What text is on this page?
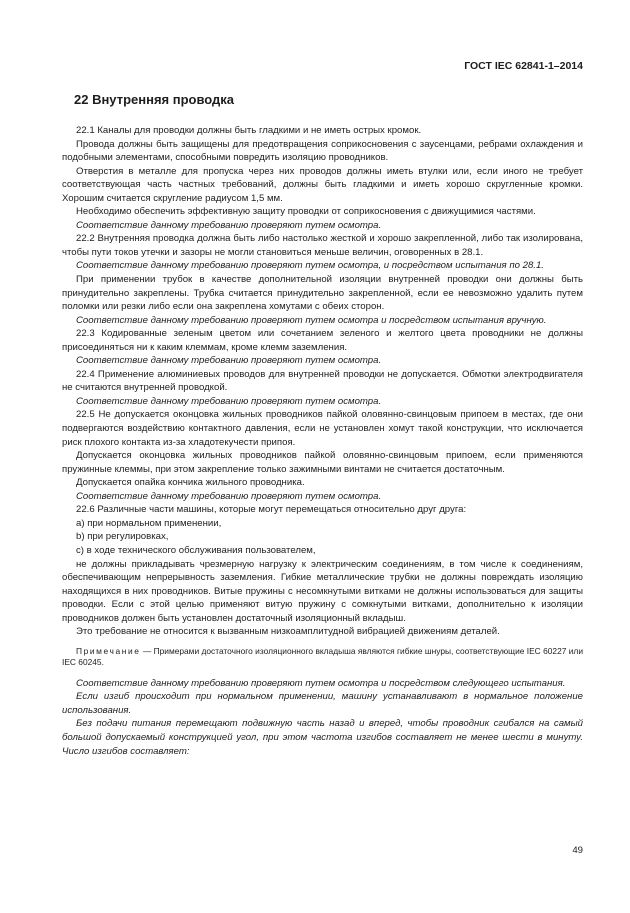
ГОСТ IEC 62841-1–2014
22 Внутренняя проводка

22.1 Каналы для проводки должны быть гладкими и не иметь острых кромок.

Провода должны быть защищены для предотвращения соприкосновения с заусенцами, ребрами охлаждения и подобными элементами, способными повредить изоляцию проводников.

Отверстия в металле для пропуска через них проводов должны иметь втулки или, если иного не требует соответствующая часть частных требований, должны быть гладкими и иметь хорошо скругленные кромки. Хорошим считается скругление радиусом 1,5 мм.

Необходимо обеспечить эффективную защиту проводки от соприкосновения с движущимися частями.

Соответствие данному требованию проверяют путем осмотра.

22.2 Внутренняя проводка должна быть либо настолько жесткой и хорошо закрепленной, либо так изолирована, чтобы пути токов утечки и зазоры не могли становиться меньше величин, оговоренных в 28.1.

Соответствие данному требованию проверяют путем осмотра, и посредством испытания по 28.1.

При применении трубок в качестве дополнительной изоляции внутренней проводки они должны быть принудительно закреплены. Трубка считается принудительно закрепленной, если ее невозможно удалить путем поломки или резки либо если она закреплена хомутами с обеих сторон.

Соответствие данному требованию проверяют путем осмотра и посредством испытания вручную.

22.3 Кодированные зеленым цветом или сочетанием зеленого и желтого цвета проводники не должны присоединяться ни к каким клеммам, кроме клемм заземления.

Соответствие данному требованию проверяют путем осмотра.

22.4 Применение алюминиевых проводов для внутренней проводки не допускается. Обмотки электродвигателя не считаются внутренней проводкой.

Соответствие данному требованию проверяют путем осмотра.

22.5 Не допускается оконцовка жильных проводников пайкой оловянно-свинцовым припоем в местах, где они подвергаются воздействию контактного давления, если не установлен хомут такой конструкции, что исключается риск плохого контакта из-за хладотекучести припоя.

Допускается оконцовка жильных проводников пайкой оловянно-свинцовым припоем, если применяются пружинные клеммы, при этом закрепление только зажимными винтами не считается достаточным.

Допускается опайка кончика жильного проводника.

Соответствие данному требованию проверяют путем осмотра.

22.6 Различные части машины, которые могут перемещаться относительно друг друга:

а) при нормальном применении,

b) при регулировках,

c) в ходе технического обслуживания пользователем,

не должны прикладывать чрезмерную нагрузку к электрическим соединениям, в том числе к соединениям, обеспечивающим непрерывность заземления. Гибкие металлические трубки не должны повреждать изоляцию находящихся в них проводников. Витые пружины с несомкнутыми витками не должны использоваться для защиты проводки. Если с этой целью применяют витую пружину с сомкнутыми витками, дополнительно к изоляции проводников должен быть установлен достаточный изоляционный вкладыш.

Это требование не относится к вызванным низкоамплитудной вибрацией движениям деталей.

Примечание — Примерами достаточного изоляционного вкладыша являются гибкие шнуры, соответствующие IEC 60227 или IEC 60245.

Соответствие данному требованию проверяют путем осмотра и посредством следующего испытания.

Если изгиб происходит при нормальном применении, машину устанавливают в нормальное положение использования.

Без подачи питания перемещают подвижную часть назад и вперед, чтобы проводник сгибался на самый большой допускаемый конструкцией угол, при этом частота изгибов составляет не менее шести в минуту. Число изгибов составляет:

49
